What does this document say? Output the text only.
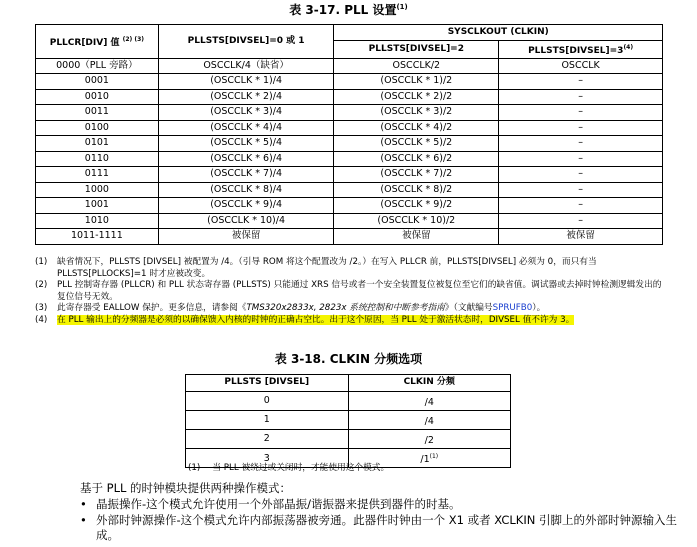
表 3-17. PLL 设置$^{(1)}$
PLLCR[DIV] 值 $^{(2) (3)}$	PLLSTS[DIVSEL]=0 或 1	SYSCLKOUT (CLKIN)	
		PLLSTS[DIVSEL]=2	$PLLSTS[DIVSEL]=3^{(4)}$
0000（PLL 旁路）	OSCCLK/4（缺省）	OSCCLK/2	OSCCLK
0001	(OSCCLK * 1)/4	(OSCCLK * 1)/2	–
0010	(OSCCLK * 2)/4	(OSCCLK * 2)/2	–
0011	(OSCCLK * 3)/4	(OSCCLK * 3)/2	–
0100	(OSCCLK * 4)/4	(OSCCLK * 4)/2	–
0101	(OSCCLK * 5)/4	(OSCCLK * 5)/2	–
0110	(OSCCLK * 6)/4	(OSCCLK * 6)/2	–
0111	(OSCCLK * 7)/4	(OSCCLK * 7)/2	–
1000	(OSCCLK * 8)/4	(OSCCLK * 8)/2	–
1001	(OSCCLK * 9)/4	(OSCCLK * 9)/2	–
1010	(OSCCLK * 10)/4	(OSCCLK * 10)/2	–
1011-1111	被保留	被保留	被保留
(1)	缺省情况下，PLLSTS [DIVSEL] 被配置为 /4。（引导 ROM 将这个配置改为 /2。）在写入 PLLCR 前，PLLSTS[DIVSEL] 必须为 0，而只有当 PLLSTS[PLLOCKS]=1 时才应被改变。
(2)	PLL 控制寄存器 (PLLCR) 和 PLL 状态寄存器 (PLLSTS) 只能通过 XRS 信号或者一个安全装置复位被复位至它们的缺省值。调试器或去掉时钟检测逻辑发出的复位信号无效。
(3)	此寄存器受 EALLOW 保护。更多信息，请参阅《TMS320x2833x, 2823x 系统控制和中断参考指南》（文献编号SPRUFB0）。
(4)	在 PLL 输出上的分频器是必须的以确保馈入内核的时钟的正确占空比。出于这个原因，当 PLL 处于激活状态时，DIVSEL 值不许为 3。
表 3-18. CLKIN 分频选项
PLLSTS [DIVSEL]	CLKIN 分频
0	/4
1	/4
2	/2
3	/1$^{(1)}$
(1) 当 PLL 被绕过或关闭时，才能使用这个模式。
基于 PLL 的时钟模块提供两种操作模式：
• 晶振操作-这个模式允许使用一个外部晶振/谐振器来提供到器件的时基。
• 外部时钟源操作-这个模式允许内部振荡器被旁通。此器件时钟由一个 X1 或者 XCLKIN 引脚上的外部时钟源输入生成。
